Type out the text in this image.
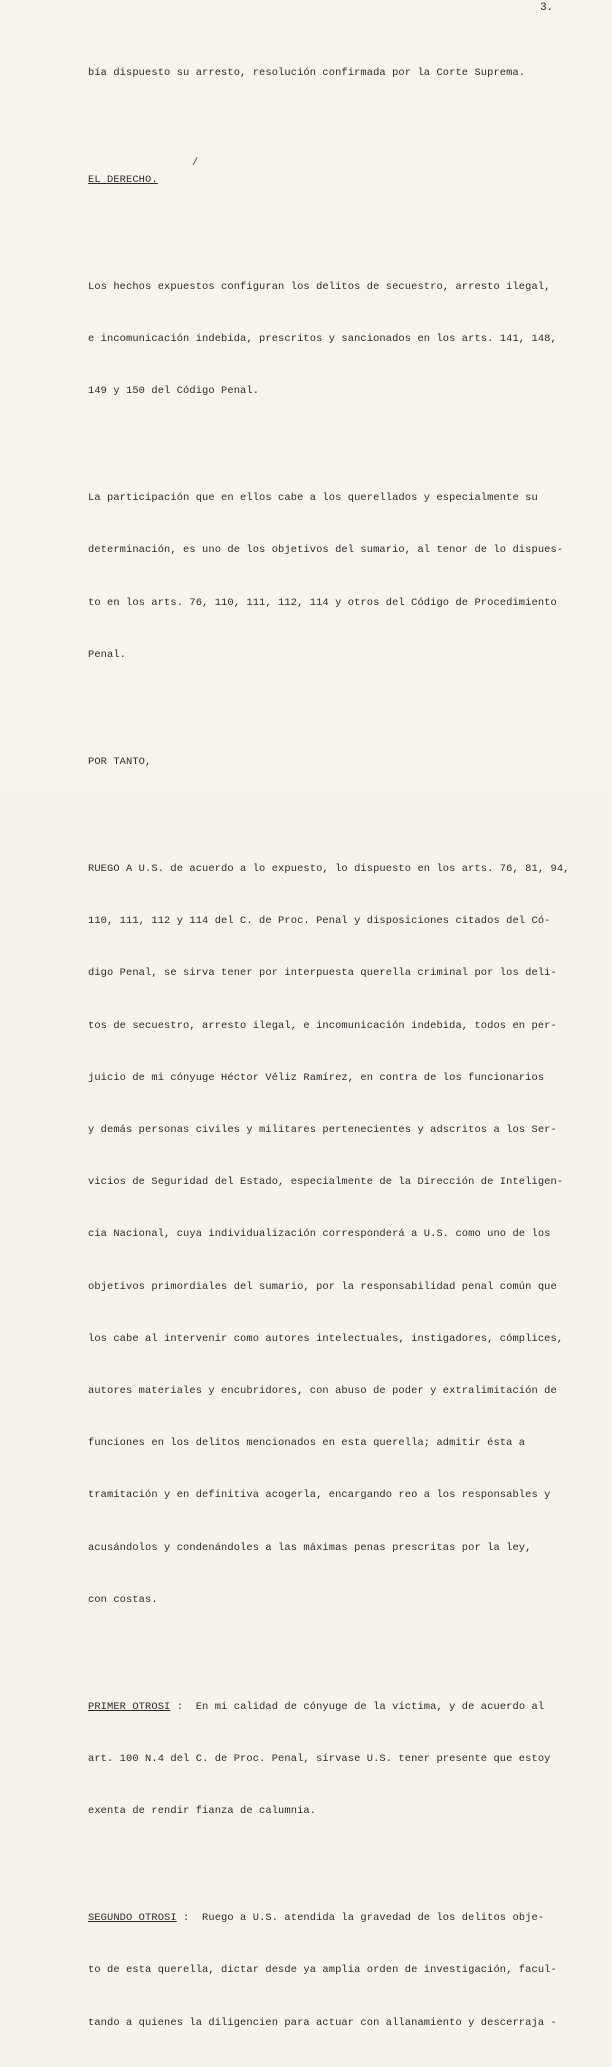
3.
/

bía dispuesto su arresto, resolución confirmada por la Corte Suprema.

EL DERECHO.

Los hechos expuestos configuran los delitos de secuestro, arresto ilegal,

e incomunicación indebida, prescritos y sancionados en los arts. 141, 148,

149 y 150 del Código Penal.

La participación que en ellos cabe a los querellados y especialmente su

determinación, es uno de los objetivos del sumario, al tenor de lo dispues-

to en los arts. 76, 110, 111, 112, 114 y otros del Código de Procedimiento

Penal.

POR TANTO,

RUEGO A U.S. de acuerdo a lo expuesto, lo dispuesto en los arts. 76, 81, 94,

110, 111, 112 y 114 del C. de Proc. Penal y disposiciones citados del Có-

digo Penal, se sirva tener por interpuesta querella criminal por los deli-

tos de secuestro, arresto ilegal, e incomunicación indebida, todos en per-

juicio de mi cónyuge Héctor Véliz Ramírez, en contra de los funcionarios

y demás personas civiles y militares pertenecientes y adscritos a los Ser-

vicios de Seguridad del Estado, especialmente de la Dirección de Inteligen-

cia Nacional, cuya individualización corresponderá a U.S. como uno de los

objetivos primordiales del sumario, por la responsabilidad penal común que

los cabe al intervenir como autores intelectuales, instigadores, cómplices,

autores materiales y encubridores, con abuso de poder y extralimitación de

funciones en los delitos mencionados en esta querella; admitir ésta a

tramitación y en definitiva acogerla, encargando reo a los responsables y

acusándolos y condenándoles a las máximas penas prescritas por la ley,

con costas.

PRIMER OTROSI :  En mi calidad de cónyuge de la víctima, y de acuerdo al

art. 100 N.4 del C. de Proc. Penal, sírvase U.S. tener presente que estoy

exenta de rendir fianza de calumnia.

SEGUNDO OTROSI :  Ruego a U.S. atendida la gravedad de los delitos obje-

to de esta querella, dictar desde ya amplia orden de investigación, facul-

tando a quienes la diligencien para actuar con allanamiento y descerraja -
